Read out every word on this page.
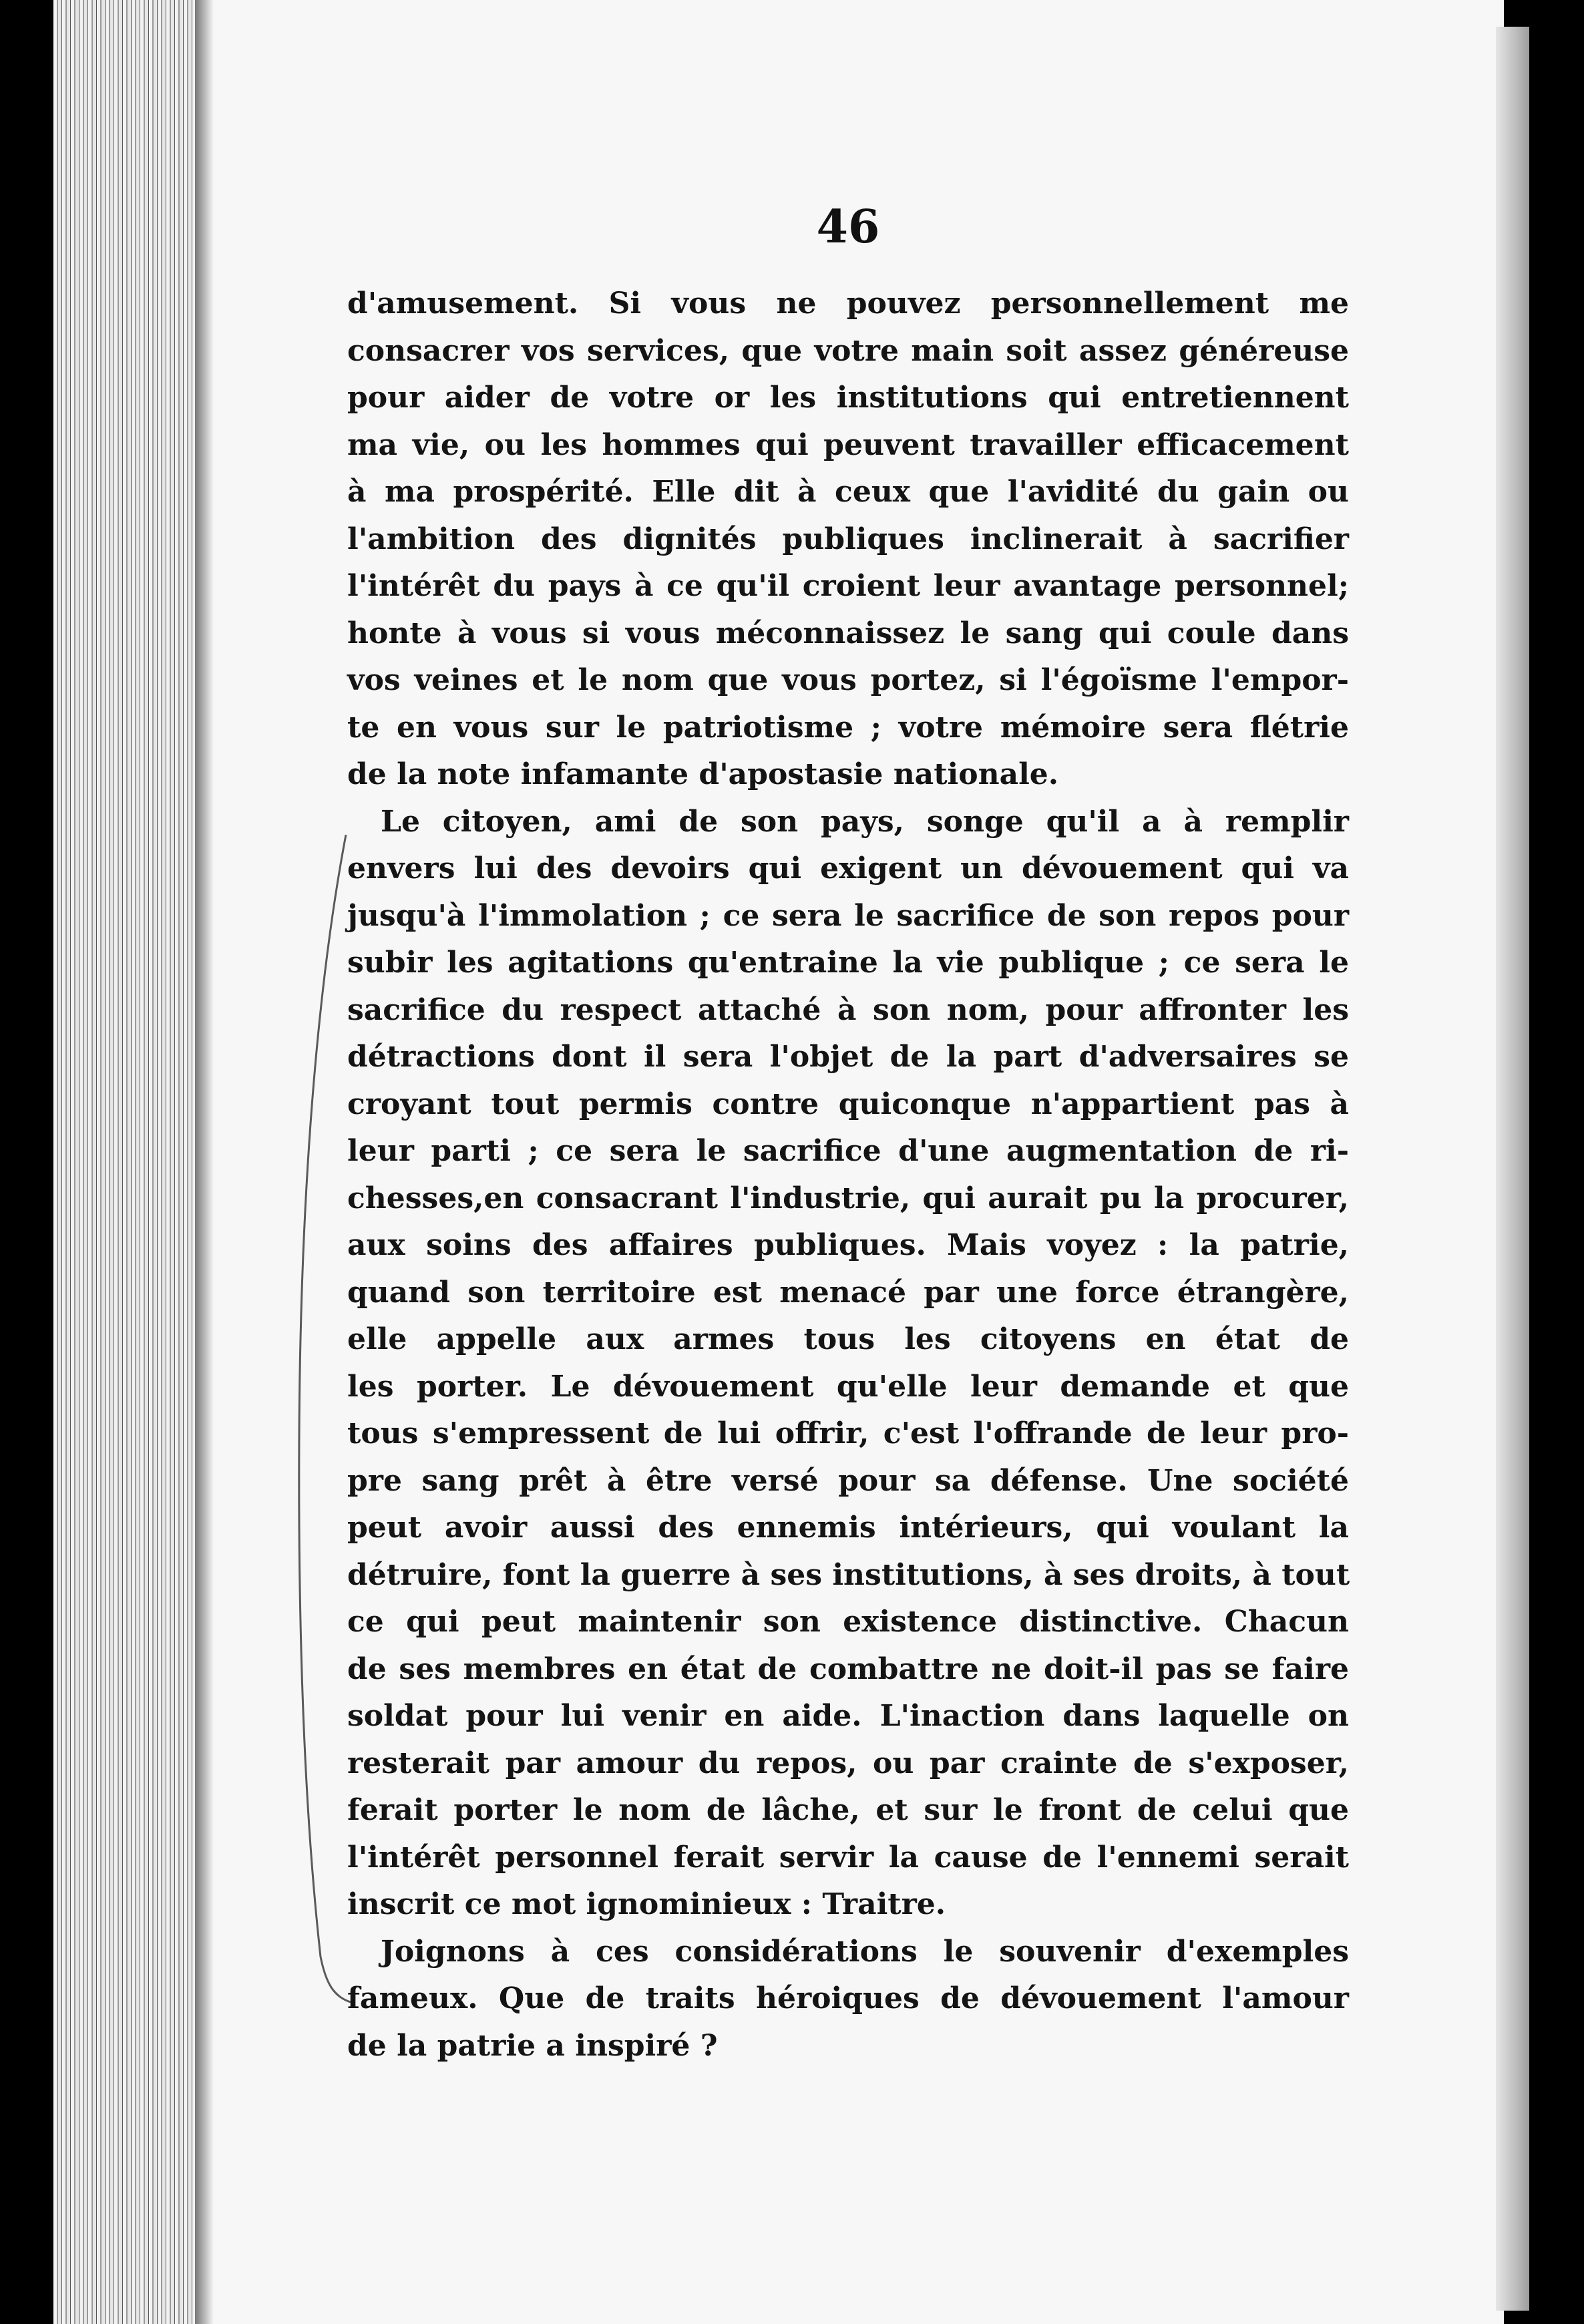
46
d'amusement. Si vous ne pouvez personnellement me
consacrer vos services, que votre main soit assez généreuse
pour aider de votre or les institutions qui entretiennent
ma vie, ou les hommes qui peuvent travailler efficacement
à ma prospérité. Elle dit à ceux que l'avidité du gain ou
l'ambition des dignités publiques inclinerait à sacrifier
l'intérêt du pays à ce qu'il croient leur avantage personnel;
honte à vous si vous méconnaissez le sang qui coule dans
vos veines et le nom que vous portez, si l'égoïsme l'empor-
te en vous sur le patriotisme ; votre mémoire sera flétrie
de la note infamante d'apostasie nationale.
Le citoyen, ami de son pays, songe qu'il a à remplir
envers lui des devoirs qui exigent un dévouement qui va
jusqu'à l'immolation ; ce sera le sacrifice de son repos pour
subir les agitations qu'entraine la vie publique ; ce sera le
sacrifice du respect attaché à son nom, pour affronter les
détractions dont il sera l'objet de la part d'adversaires se
croyant tout permis contre quiconque n'appartient pas à
leur parti ; ce sera le sacrifice d'une augmentation de ri-
chesses,en consacrant l'industrie, qui aurait pu la procurer,
aux soins des affaires publiques. Mais voyez : la patrie,
quand son territoire est menacé par une force étrangère,
elle appelle aux armes tous les citoyens en état de
les porter. Le dévouement qu'elle leur demande et que
tous s'empressent de lui offrir, c'est l'offrande de leur pro-
pre sang prêt à être versé pour sa défense. Une société
peut avoir aussi des ennemis intérieurs, qui voulant la
détruire, font la guerre à ses institutions, à ses droits, à tout
ce qui peut maintenir son existence distinctive. Chacun
de ses membres en état de combattre ne doit-il pas se faire
soldat pour lui venir en aide. L'inaction dans laquelle on
resterait par amour du repos, ou par crainte de s'exposer,
ferait porter le nom de lâche, et sur le front de celui que
l'intérêt personnel ferait servir la cause de l'ennemi serait
inscrit ce mot ignominieux : Traitre.
Joignons à ces considérations le souvenir d'exemples
fameux. Que de traits héroiques de dévouement l'amour
de la patrie a inspiré ?
